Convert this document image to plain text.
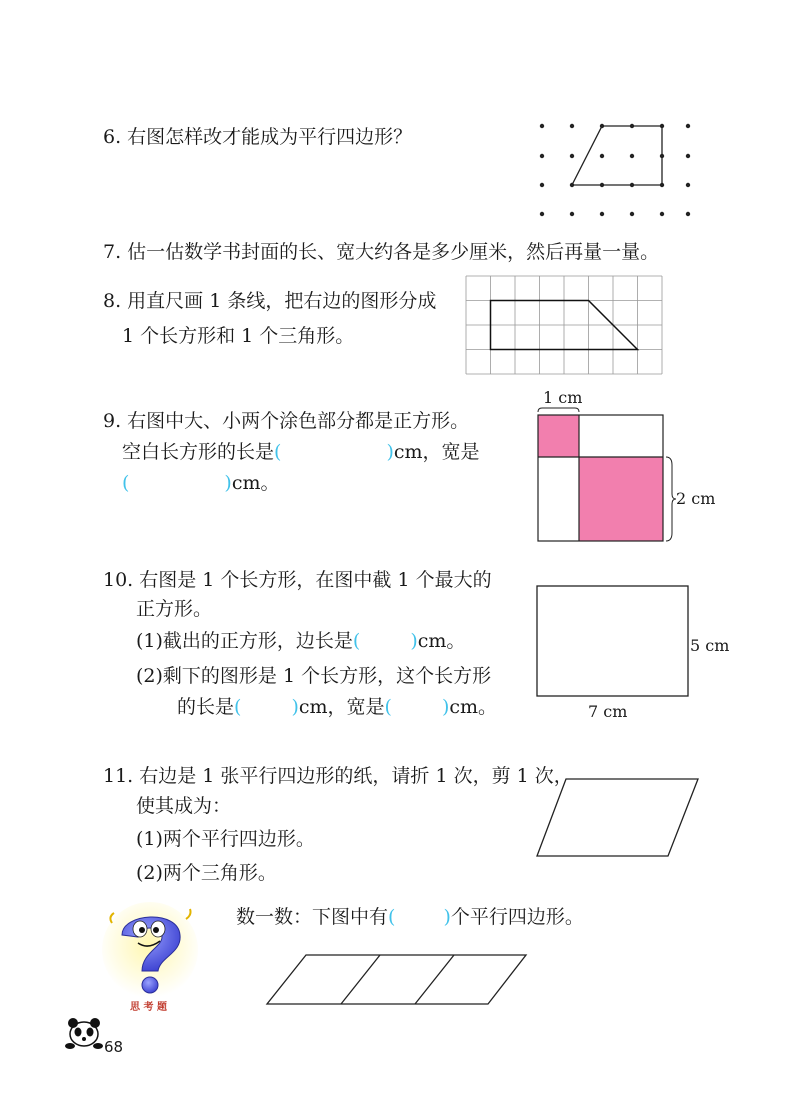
6. 右图怎样改才能成为平行四边形？
7. 估一估数学书封面的长、宽大约各是多少厘米，然后再量一量。
8. 用直尺画 1 条线，把右边的图形分成
1 个长方形和 1 个三角形。
9. 右图中大、小两个涂色部分都是正方形。
空白长方形的长是(	)cm，宽是
(	)cm。
1 cm
2 cm
10. 右图是 1 个长方形，在图中截 1 个最大的
正方形。
(1)截出的正方形，边长是(	)cm。
(2)剩下的图形是 1 个长方形，这个长方形
的长是(	)cm，宽是(	)cm。
5 cm
7 cm
11. 右边是 1 张平行四边形的纸，请折 1 次，剪 1 次，
使其成为：
(1)两个平行四边形。
(2)两个三角形。
思 考 题
数一数：下图中有(	)个平行四边形。
68
